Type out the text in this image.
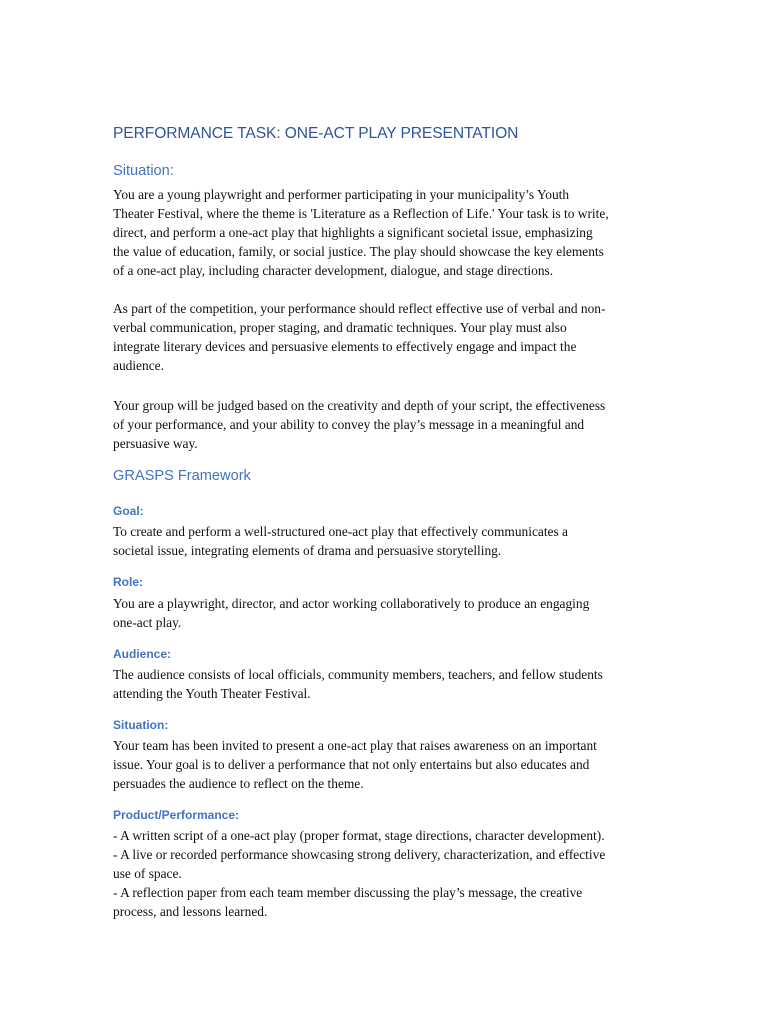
PERFORMANCE TASK: ONE-ACT PLAY PRESENTATION
Situation:
You are a young playwright and performer participating in your municipality’s Youth
Theater Festival, where the theme is 'Literature as a Reflection of Life.' Your task is to write,
direct, and perform a one-act play that highlights a significant societal issue, emphasizing
the value of education, family, or social justice. The play should showcase the key elements
of a one-act play, including character development, dialogue, and stage directions.
As part of the competition, your performance should reflect effective use of verbal and non-
verbal communication, proper staging, and dramatic techniques. Your play must also
integrate literary devices and persuasive elements to effectively engage and impact the
audience.
Your group will be judged based on the creativity and depth of your script, the effectiveness
of your performance, and your ability to convey the play’s message in a meaningful and
persuasive way.
GRASPS Framework
Goal:
To create and perform a well-structured one-act play that effectively communicates a
societal issue, integrating elements of drama and persuasive storytelling.
Role:
You are a playwright, director, and actor working collaboratively to produce an engaging
one-act play.
Audience:
The audience consists of local officials, community members, teachers, and fellow students
attending the Youth Theater Festival.
Situation:
Your team has been invited to present a one-act play that raises awareness on an important
issue. Your goal is to deliver a performance that not only entertains but also educates and
persuades the audience to reflect on the theme.
Product/Performance:
- A written script of a one-act play (proper format, stage directions, character development).
- A live or recorded performance showcasing strong delivery, characterization, and effective
use of space.
- A reflection paper from each team member discussing the play’s message, the creative
process, and lessons learned.
